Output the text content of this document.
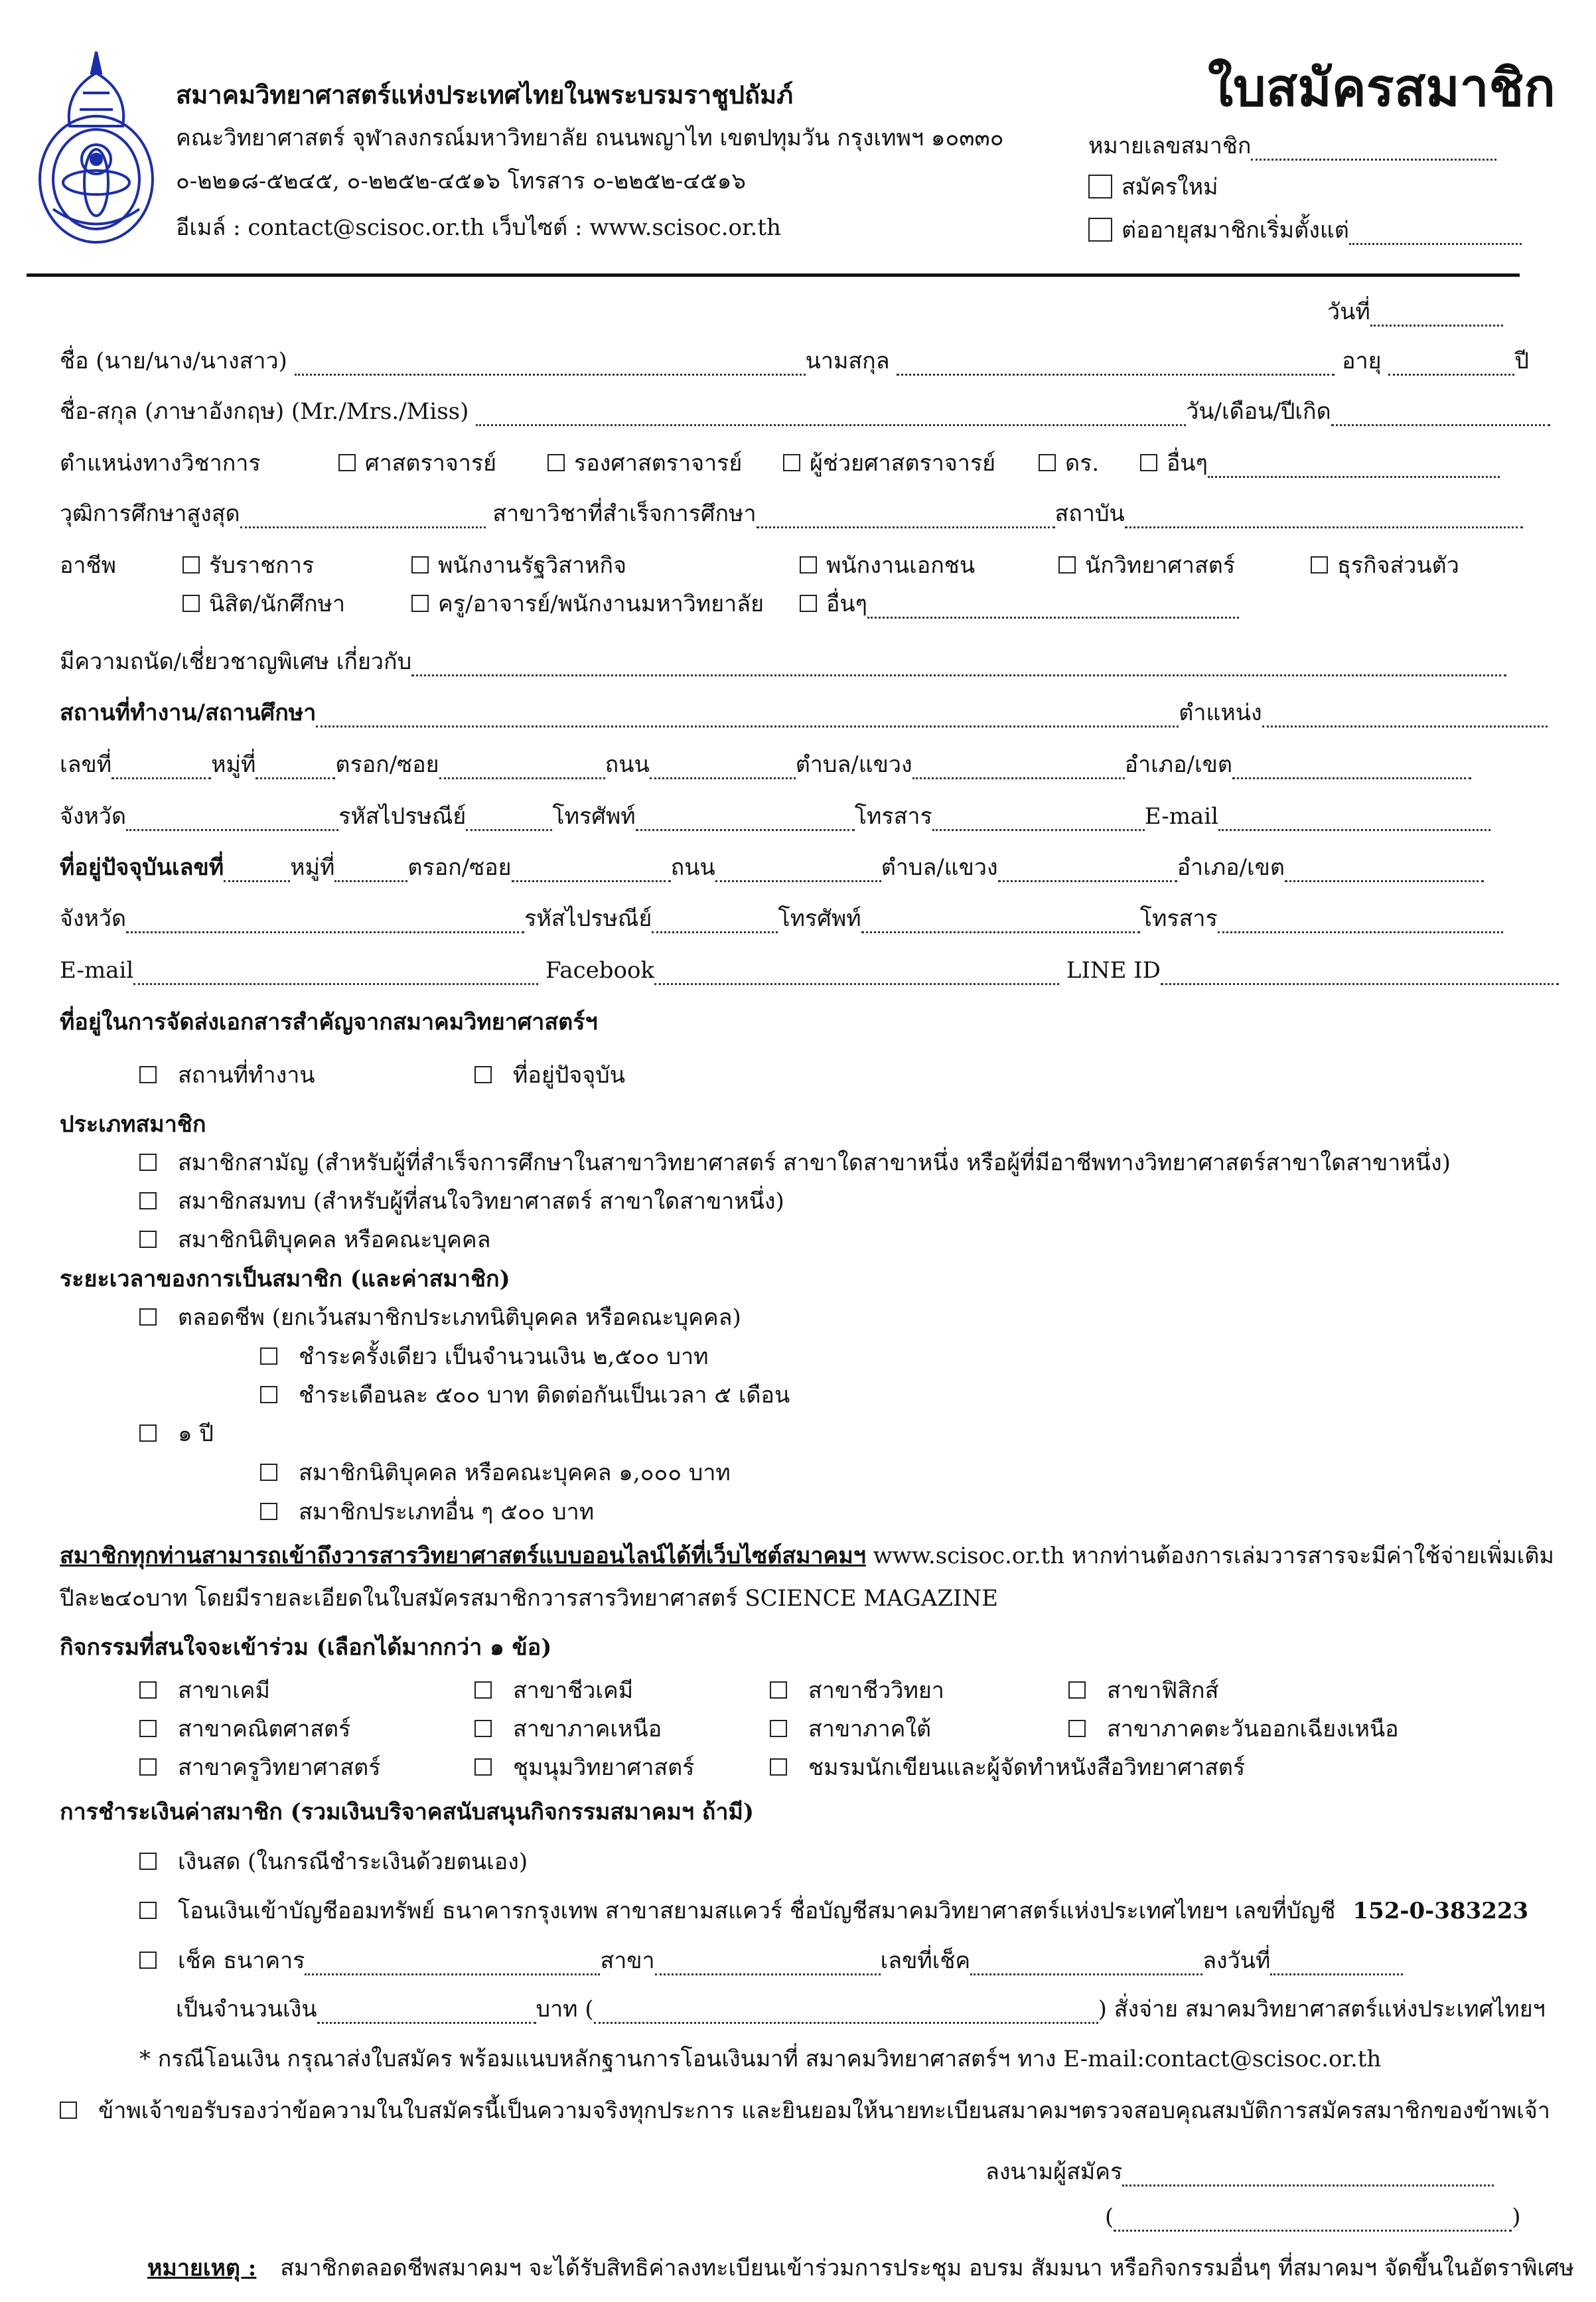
สมาคมวิทยาศาสตร์แห่งประเทศไทยในพระบรมราชูปถัมภ์
คณะวิทยาศาสตร์ จุฬาลงกรณ์มหาวิทยาลัย ถนนพญาไท เขตปทุมวัน กรุงเทพฯ ๑๐๓๓๐
๐-๒๒๑๘-๕๒๔๕, ๐-๒๒๕๒-๔๕๑๖ โทรสาร ๐-๒๒๕๒-๔๕๑๖
อีเมล์ : contact@scisoc.or.th เว็บไซต์ : www.scisoc.or.th
ใบสมัครสมาชิก
หมายเลขสมาชิก
สมัครใหม่
ต่ออายุสมาชิกเริ่มตั้งแต่
วันที่
ชื่อ (นาย/นาง/นางสาว)	นามสกุล	อายุ	ปี
ชื่อ-สกุล (ภาษาอังกฤษ) (Mr./Mrs./Miss)	วัน/เดือน/ปีเกิด
ตำแหน่งทางวิชาการ	ศาสตราจารย์	รองศาสตราจารย์	ผู้ช่วยศาสตราจารย์	ดร.	อื่นๆ
วุฒิการศึกษาสูงสุด	สาขาวิชาที่สำเร็จการศึกษา	สถาบัน
อาชีพ	รับราชการ	พนักงานรัฐวิสาหกิจ	พนักงานเอกชน	นักวิทยาศาสตร์	ธุรกิจส่วนตัว
นิสิต/นักศึกษา	ครู/อาจารย์/พนักงานมหาวิทยาลัย	อื่นๆ
มีความถนัด/เชี่ยวชาญพิเศษ เกี่ยวกับ
สถานที่ทำงาน/สถานศึกษา	ตำแหน่ง
เลขที่	หมู่ที่	ตรอก/ซอย	ถนน	ตำบล/แขวง	อำเภอ/เขต
จังหวัด	รหัสไปรษณีย์	โทรศัพท์	โทรสาร	E-mail
ที่อยู่ปัจจุบันเลขที่	หมู่ที่	ตรอก/ซอย	ถนน	ตำบล/แขวง	อำเภอ/เขต
จังหวัด	รหัสไปรษณีย์	โทรศัพท์	โทรสาร
E-mail	Facebook	LINE ID
ที่อยู่ในการจัดส่งเอกสารสำคัญจากสมาคมวิทยาศาสตร์ฯ
สถานที่ทำงาน	ที่อยู่ปัจจุบัน
ประเภทสมาชิก
สมาชิกสามัญ (สำหรับผู้ที่สำเร็จการศึกษาในสาขาวิทยาศาสตร์ สาขาใดสาขาหนึ่ง หรือผู้ที่มีอาชีพทางวิทยาศาสตร์สาขาใดสาขาหนึ่ง)
สมาชิกสมทบ (สำหรับผู้ที่สนใจวิทยาศาสตร์ สาขาใดสาขาหนึ่ง)
สมาชิกนิติบุคคล หรือคณะบุคคล
ระยะเวลาของการเป็นสมาชิก (และค่าสมาชิก)
ตลอดชีพ (ยกเว้นสมาชิกประเภทนิติบุคคล หรือคณะบุคคล)
ชำระครั้งเดียว เป็นจำนวนเงิน ๒,๕๐๐ บาท
ชำระเดือนละ ๕๐๐ บาท ติดต่อกันเป็นเวลา ๕ เดือน
๑ ปี
สมาชิกนิติบุคคล หรือคณะบุคคล ๑,๐๐๐ บาท
สมาชิกประเภทอื่น ๆ ๕๐๐ บาท
สมาชิกทุกท่านสามารถเข้าถึงวารสารวิทยาศาสตร์แบบออนไลน์ได้ที่เว็บไซต์สมาคมฯ www.scisoc.or.th หากท่านต้องการเล่มวารสารจะมีค่าใช้จ่ายเพิ่มเติม
ปีละ๒๔๐บาท โดยมีรายละเอียดในใบสมัครสมาชิกวารสารวิทยาศาสตร์ SCIENCE MAGAZINE
กิจกรรมที่สนใจจะเข้าร่วม (เลือกได้มากกว่า ๑ ข้อ)
สาขาเคมี	สาขาชีวเคมี	สาขาชีววิทยา	สาขาฟิสิกส์
สาขาคณิตศาสตร์	สาขาภาคเหนือ	สาขาภาคใต้	สาขาภาคตะวันออกเฉียงเหนือ
สาขาครูวิทยาศาสตร์	ชุมนุมวิทยาศาสตร์	ชมรมนักเขียนและผู้จัดทำหนังสือวิทยาศาสตร์
การชำระเงินค่าสมาชิก (รวมเงินบริจาคสนับสนุนกิจกรรมสมาคมฯ ถ้ามี)
เงินสด (ในกรณีชำระเงินด้วยตนเอง)
โอนเงินเข้าบัญชีออมทรัพย์ ธนาคารกรุงเทพ สาขาสยามสแควร์ ชื่อบัญชีสมาคมวิทยาศาสตร์แห่งประเทศไทยฯ เลขที่บัญชี 152-0-383223
เช็ค ธนาคาร	สาขา	เลขที่เช็ค	ลงวันที่
เป็นจำนวนเงิน	บาท (	) สั่งจ่าย สมาคมวิทยาศาสตร์แห่งประเทศไทยฯ
* กรณีโอนเงิน กรุณาส่งใบสมัคร พร้อมแนบหลักฐานการโอนเงินมาที่ สมาคมวิทยาศาสตร์ฯ ทาง E-mail:contact@scisoc.or.th
ข้าพเจ้าขอรับรองว่าข้อความในใบสมัครนี้เป็นความจริงทุกประการ และยินยอมให้นายทะเบียนสมาคมฯตรวจสอบคุณสมบัติการสมัครสมาชิกของข้าพเจ้า
ลงนามผู้สมัคร
(	)
หมายเหตุ : สมาชิกตลอดชีพสมาคมฯ จะได้รับสิทธิค่าลงทะเบียนเข้าร่วมการประชุม อบรม สัมมนา หรือกิจกรรมอื่นๆ ที่สมาคมฯ จัดขึ้นในอัตราพิเศษ
